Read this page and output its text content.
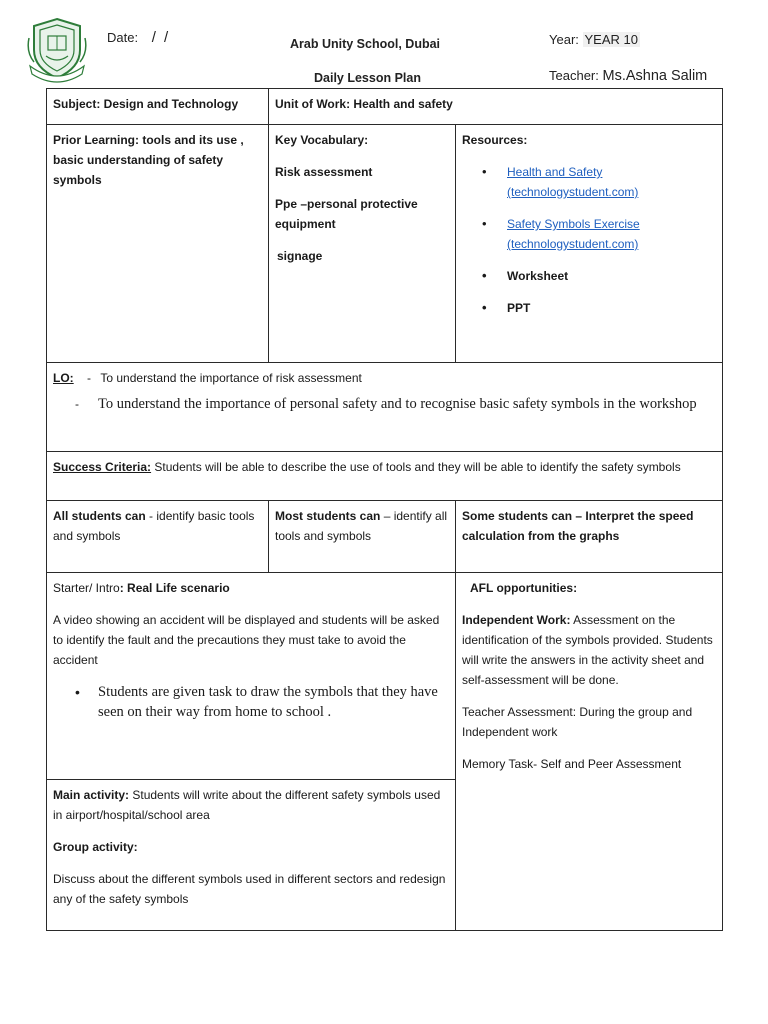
Date: / /	Arab Unity School, Dubai
Daily Lesson Plan
Year: YEAR 10
Teacher: Ms.Ashna Salim
Subject: Design and Technology	Unit of Work: Health and safety
Prior Learning: tools and its use , basic understanding of safety symbols
Key Vocabulary:
Risk assessment
Ppe –personal protective equipment
signage
Resources:
• Health and Safety (technologystudent.com)
• Safety Symbols Exercise (technologystudent.com)
• Worksheet
• PPT
LO: - To understand the importance of risk assessment
- To understand the importance of personal safety and to recognise basic safety symbols in the workshop
Success Criteria: Students will be able to describe the use of tools and they will be able to identify the safety symbols
All students can - identify basic tools and symbols
Most students can – identify all tools and symbols
Some students can – Interpret the speed calculation from the graphs
Starter/ Intro: Real Life scenario
A video showing an accident will be displayed and students will be asked to identify the fault and the precautions they must take to avoid the accident
• Students are given task to draw the symbols that they have seen on their way from home to school .
AFL opportunities:
Independent Work: Assessment on the identification of the symbols provided. Students will write the answers in the activity sheet and self-assessment will be done.
Teacher Assessment: During the group and Independent work
Memory Task- Self and Peer Assessment
Main activity: Students will write about the different safety symbols used in airport/hospital/school area
Group activity:
Discuss about the different symbols used in different sectors and redesign any of the safety symbols
